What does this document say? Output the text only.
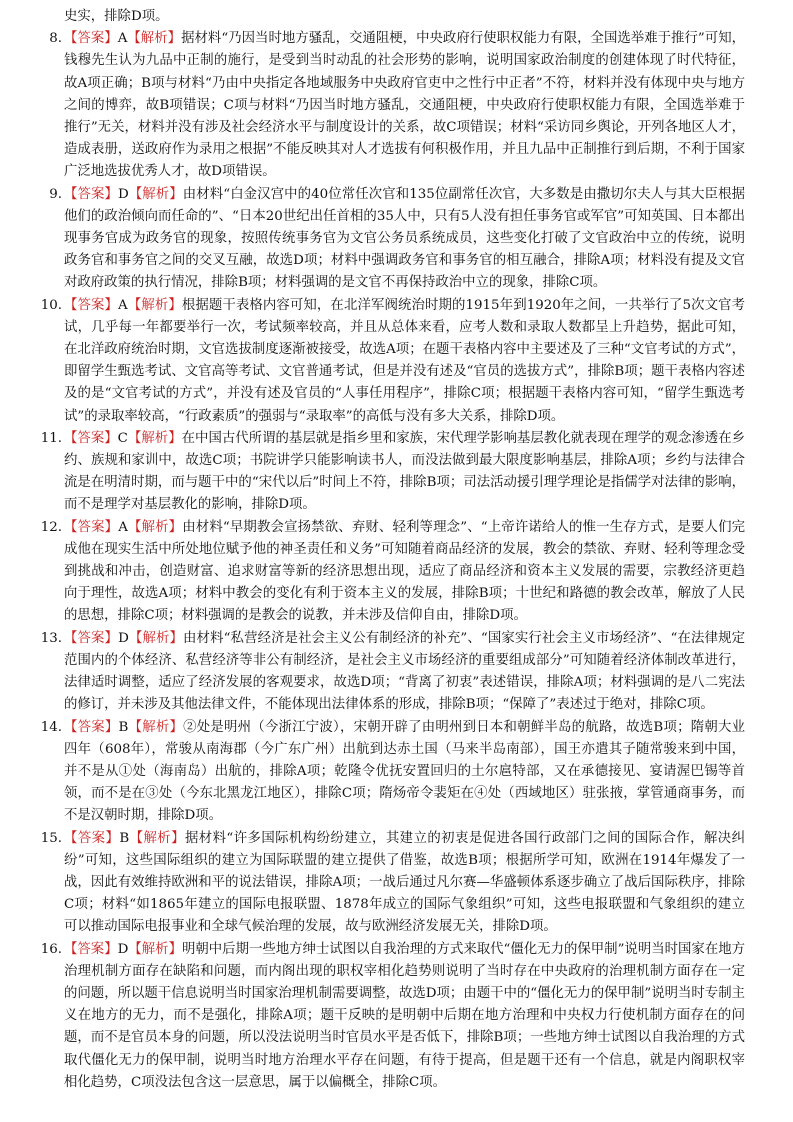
史实，排除D项。

8. 【答案】A【解析】据材料“乃因当时地方骚乱，交通阻梗，中央政府行使职权能力有限，全国选举难于推行”可知，钱穆先生认为九品中正制的施行，是受到当时动乱的社会形势的影响，说明国家政治制度的创建体现了时代特征，故A项正确；B项与材料“乃由中央指定各地域服务中央政府官吏中之性行中正者”不符，材料并没有体现中央与地方之间的博弈，故B项错误；C项与材料“乃因当时地方骚乱，交通阻梗，中央政府行使职权能力有限，全国选举难于推行”无关，材料并没有涉及社会经济水平与制度设计的关系，故C项错误；材料“采访同乡舆论，开列各地区人才，造成表册，送政府作为录用之根据”不能反映其对人才选拔有何积极作用，并且九品中正制推行到后期，不利于国家广泛地选拔优秀人才，故D项错误。

9. 【答案】D【解析】由材料“白金汉宫中的40位常任次官和135位副常任次官，大多数是由撒切尔夫人与其大臣根据他们的政治倾向而任命的”、“日本20世纪出任首相的35人中，只有5人没有担任事务官或军官”可知英国、日本都出现事务官成为政务官的现象，按照传统事务官为文官公务员系统成员，这些变化打破了文官政治中立的传统，说明政务官和事务官之间的交叉互融，故选D项；材料中强调政务官和事务官的相互融合，排除A项；材料没有提及文官对政府政策的执行情况，排除B项；材料强调的是文官不再保持政治中立的现象，排除C项。

10. 【答案】A【解析】根据题干表格内容可知，在北洋军阀统治时期的1915年到1920年之间，一共举行了5次文官考试，几乎每一年都要举行一次，考试频率较高，并且从总体来看，应考人数和录取人数都呈上升趋势，据此可知，在北洋政府统治时期，文官选拔制度逐渐被接受，故选A项；在题干表格内容中主要述及了三种“文官考试的方式”，即留学生甄选考试、文官高等考试、文官普通考试，但是并没有述及“官员的选拔方式”，排除B项；题干表格内容述及的是“文官考试的方式”，并没有述及官员的“人事任用程序”，排除C项；根据题干表格内容可知，“留学生甄选考试”的录取率较高，“行政素质”的强弱与“录取率”的高低与没有多大关系，排除D项。

11. 【答案】C【解析】在中国古代所谓的基层就是指乡里和家族，宋代理学影响基层教化就表现在理学的观念渗透在乡约、族规和家训中，故选C项；书院讲学只能影响读书人，而没法做到最大限度影响基层，排除A项；乡约与法律合流是在明清时期，而与题干中的“宋代以后”时间上不符，排除B项；司法活动援引理学理论是指儒学对法律的影响，而不是理学对基层教化的影响，排除D项。

12. 【答案】A【解析】由材料“早期教会宣扬禁欲、弃财、轻利等理念”、“上帝许诺给人的惟一生存方式，是要人们完成他在现实生活中所处地位赋予他的神圣责任和义务”可知随着商品经济的发展，教会的禁欲、弃财、轻利等理念受到挑战和冲击，创造财富、追求财富等新的经济思想出现，适应了商品经济和资本主义发展的需要，宗教经济更趋向于理性，故选A项；材料中教会的变化有利于资本主义的发展，排除B项；十世纪和路德的教会改革，解放了人民的思想，排除C项；材料强调的是教会的说教，并未涉及信仰自由，排除D项。

13. 【答案】D【解析】由材料“私营经济是社会主义公有制经济的补充”、“国家实行社会主义市场经济”、“在法律规定范围内的个体经济、私营经济等非公有制经济，是社会主义市场经济的重要组成部分”可知随着经济体制改革进行，法律适时调整，适应了经济发展的客观要求，故选D项；“背离了初衷”表述错误，排除A项；材料强调的是八二宪法的修订，并未涉及其他法律文件，不能体现出法律体系的形成，排除B项；“保障了”表述过于绝对，排除C项。

14. 【答案】B【解析】②处是明州（今浙江宁波），宋朝开辟了由明州到日本和朝鲜半岛的航路，故选B项；隋朝大业四年（608年），常骏从南海郡（今广东广州）出航到达赤土国（马来半岛南部），国王亦遣其子随常骏来到中国，并不是从①处（海南岛）出航的，排除A项；乾隆令优抚安置回归的土尔扈特部，又在承德接见、宴请渥巴锡等首领，而不是在③处（今东北黑龙江地区），排除C项；隋炀帝令裴矩在④处（西域地区）驻张掖，掌管通商事务，而不是汉朝时期，排除D项。

15. 【答案】B【解析】据材料“许多国际机构纷纷建立，其建立的初衷是促进各国行政部门之间的国际合作，解决纠纷”可知，这些国际组织的建立为国际联盟的建立提供了借鉴，故选B项；根据所学可知，欧洲在1914年爆发了一战，因此有效维持欧洲和平的说法错误，排除A项；一战后通过凡尔赛—华盛顿体系逐步确立了战后国际秩序，排除C项；材料“如1865年建立的国际电报联盟、1878年成立的国际气象组织”可知，这些电报联盟和气象组织的建立可以推动国际电报事业和全球气候治理的发展，故与欧洲经济发展无关，排除D项。

16. 【答案】D【解析】明朝中后期一些地方绅士试图以自我治理的方式来取代“僵化无力的保甲制”说明当时国家在地方治理机制方面存在缺陷和问题，而内阁出现的职权宰相化趋势则说明了当时存在中央政府的治理机制方面存在一定的问题，所以题干信息说明当时国家治理机制需要调整，故选D项；由题干中的“僵化无力的保甲制”说明当时专制主义在地方的无力，而不是强化，排除A项；题干反映的是明朝中后期在地方治理和中央权力行使机制方面存在的问题，而不是官员本身的问题，所以没法说明当时官员水平是否低下，排除B项；一些地方绅士试图以自我治理的方式取代僵化无力的保甲制，说明当时地方治理水平存在问题，有待于提高，但是题干还有一个信息，就是内阁职权宰相化趋势，C项没法包含这一层意思，属于以偏概全，排除C项。
